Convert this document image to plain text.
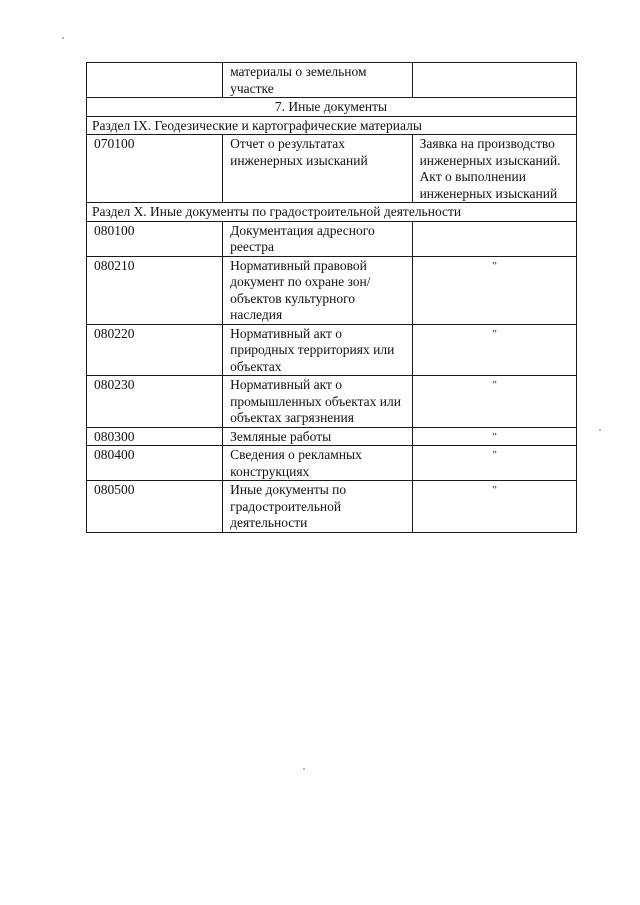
	материалы о земельном участке	
7. Иные документы		
Раздел IX. Геодезические и картографические материалы		
070100	Отчет о результатах инженерных изысканий	Заявка на производство инженерных изысканий. Акт о выполнении инженерных изысканий
Раздел X. Иные документы по градостроительной деятельности		
080100	Документация адресного реестра	
080210	Нормативный правовой документ по охране зон/объектов культурного наследия	"
080220	Нормативный акт о природных территориях или объектах	"
080230	Нормативный акт о промышленных объектах или объектах загрязнения	"
080300	Земляные работы	"
080400	Сведения о рекламных конструкциях	"
080500	Иные документы по градостроительной деятельности	"
